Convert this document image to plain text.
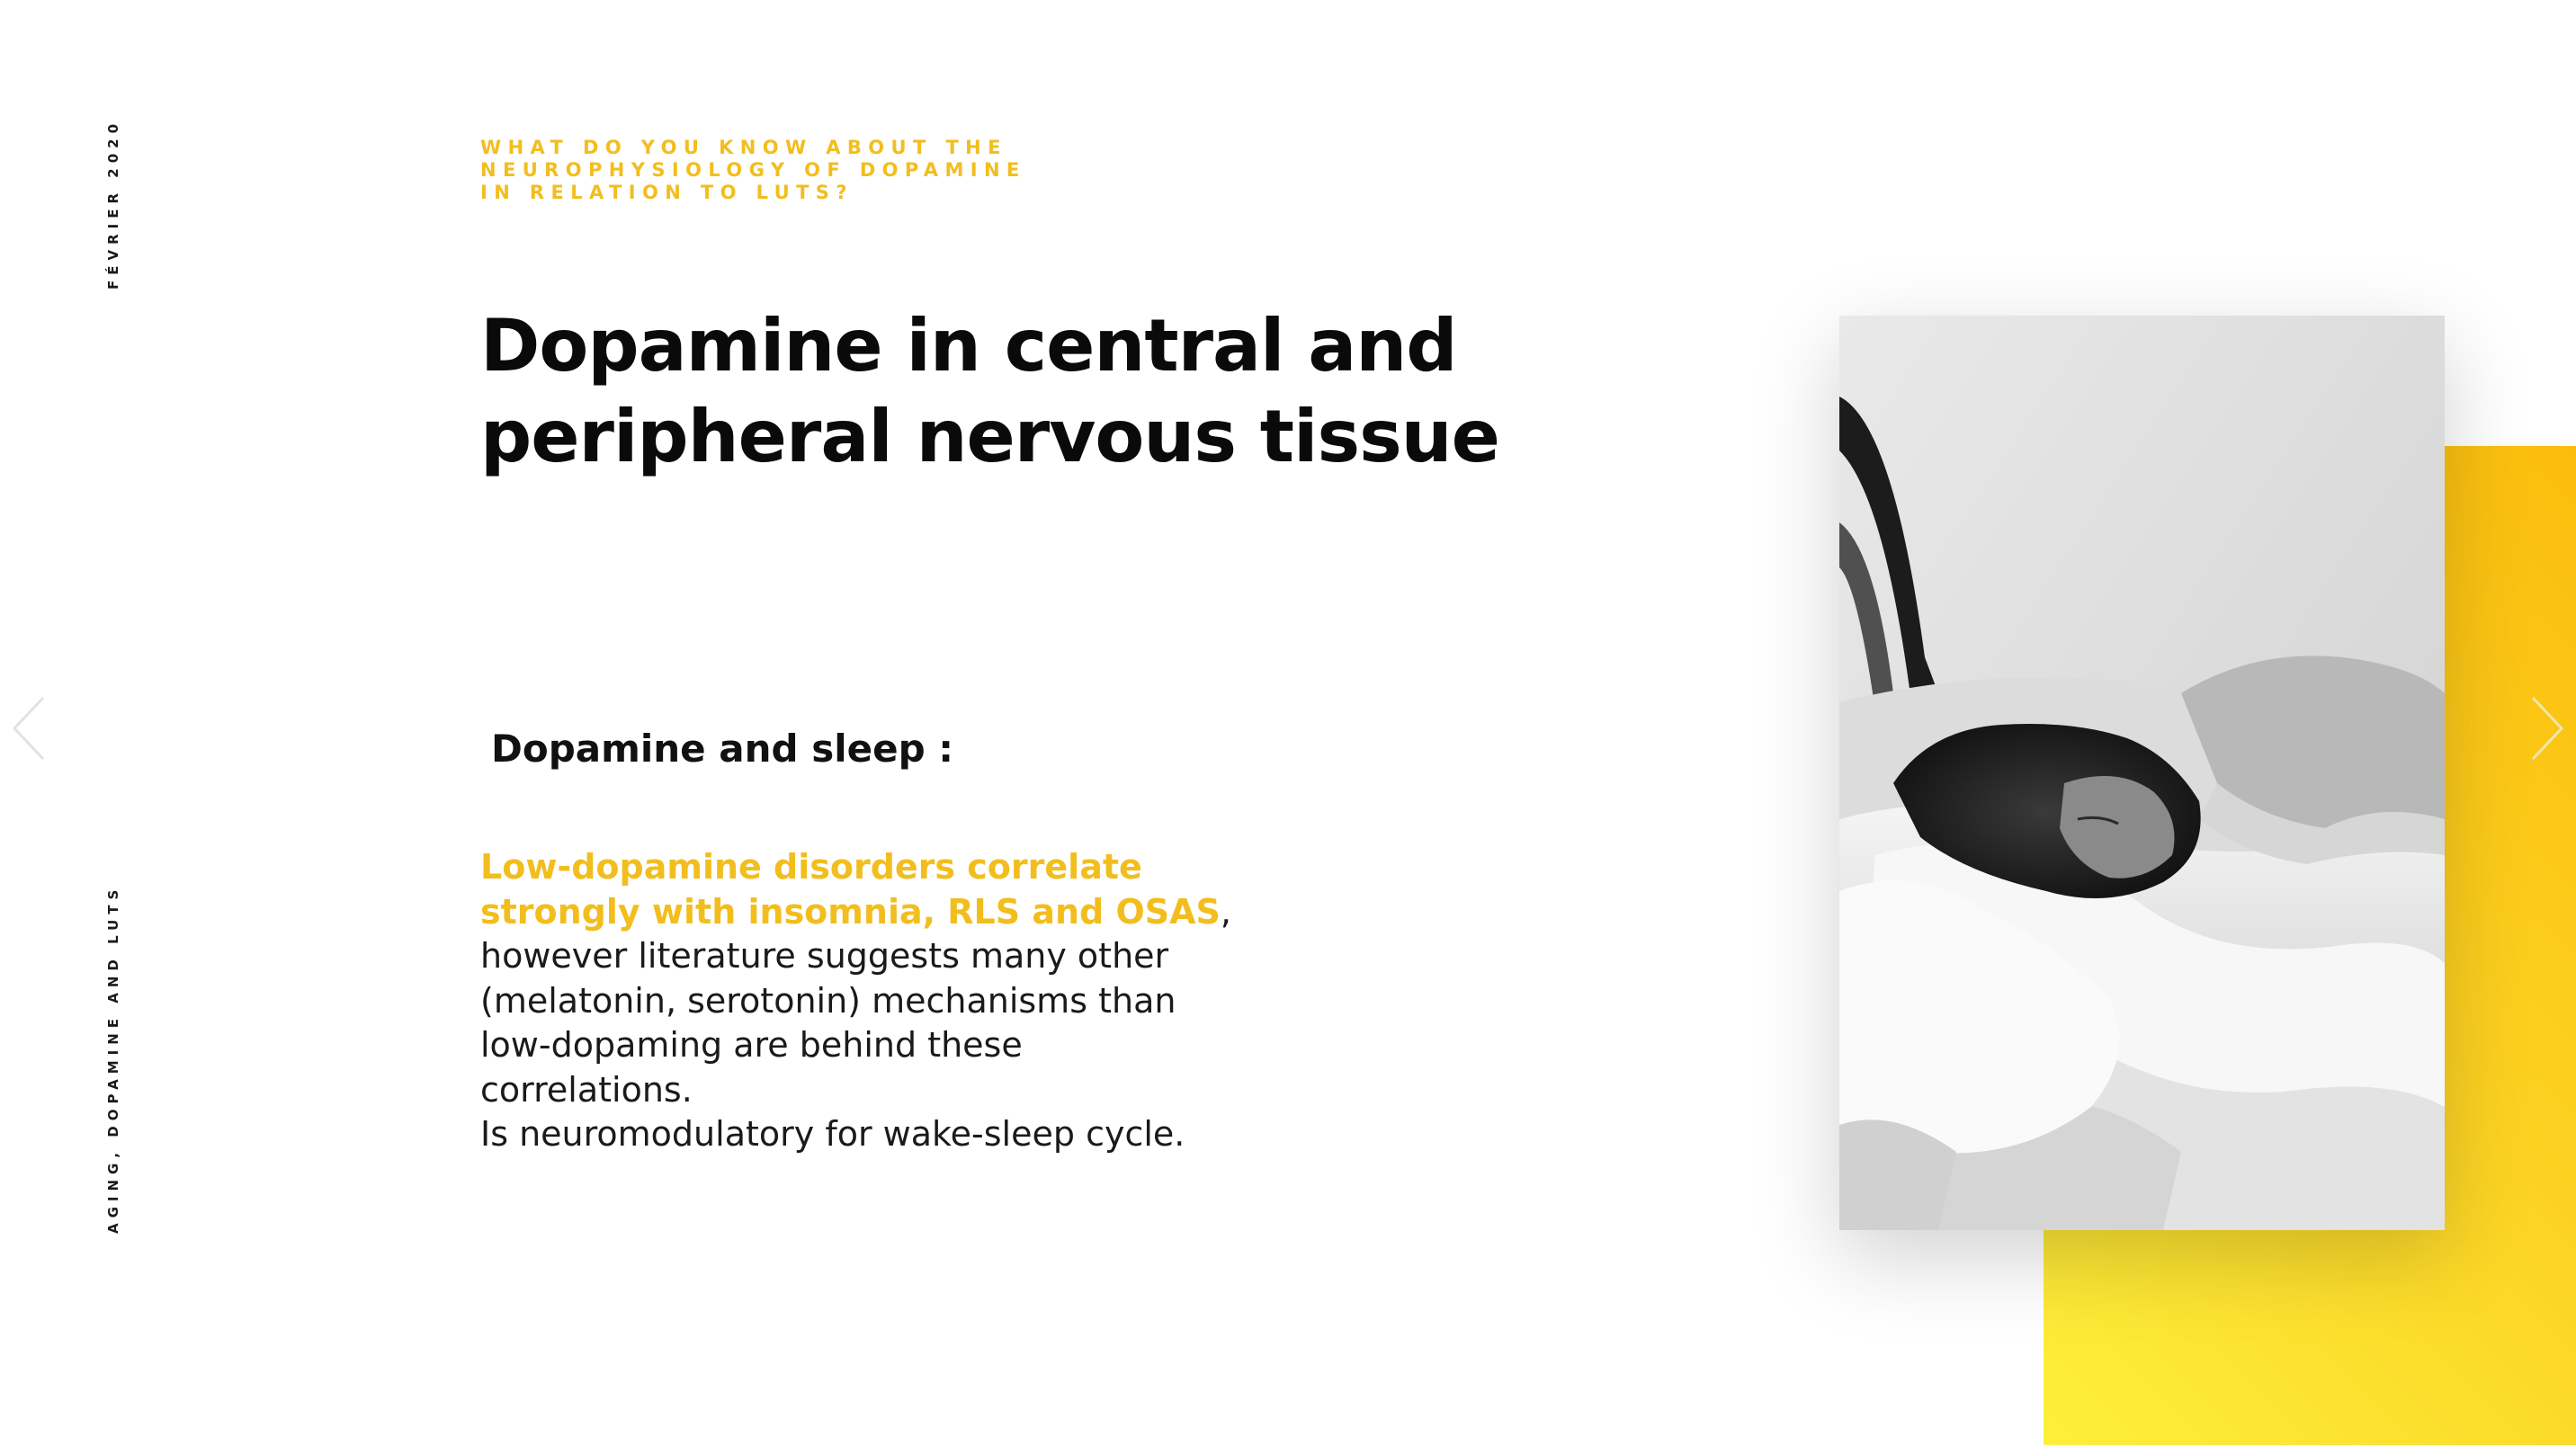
FÉVRIER 2020
AGING, DOPAMINE AND LUTS
WHAT DO YOU KNOW ABOUT THE
NEUROPHYSIOLOGY OF DOPAMINE
IN RELATION TO LUTS?
Dopamine in central and
peripheral nervous tissue
Dopamine and sleep :
Low-dopamine disorders correlate
strongly with insomnia, RLS and OSAS,
however literature suggests many other
(melatonin, serotonin) mechanisms than
low-dopaming are behind these
correlations.
Is neuromodulatory for wake-sleep cycle.
